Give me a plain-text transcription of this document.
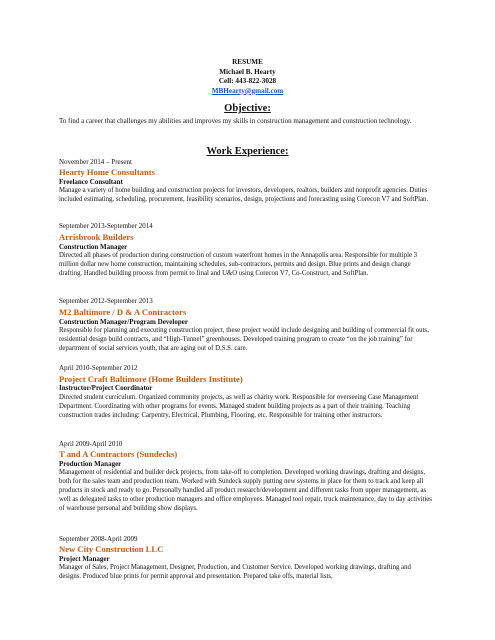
RESUME
Michael B. Hearty
Cell: 443-822-3028
MBHearty@gmail.com
Objective:
To find a career that challenges my abilities and improves my skills in construction management and construction technology.
Work Experience:
November 2014 – Present
Hearty Home Consultants
Freelance Consultant
Manage a variety of home building and construction projects for investors, developers, realtors, builders and nonprofit agencies. Duties included estimating, scheduling, procurement, feasibility scenarios, design, projections and forecasting using Corecon V7 and SoftPlan.
September 2013-September 2014
Arrisbrook Builders
Construction Manager
Directed all phases of production during construction of custom waterfront homes in the Annapolis area. Responsible for multiple 3 million dollar new home construction, maintaining schedules, sub-contractors, permits and design. Blue prints and design change drafting. Handled building process from permit to final and U&O using Corecon V7, Co-Construct, and SoftPlan.
September 2012-September 2013
M2 Baltimore / D & A Contractors
Construction Manager/Program Developer
Responsible for planning and executing construction project, these project would include designing and building of commercial fit outs, residential design build contracts, and “High-Tunnel” greenhouses. Developed training program to create “on the job training” for department of social services youth, that are aging out of D.S.S. care.
April 2010-September 2012
Project Craft Baltimore (Home Builders Institute)
Instructor/Project Coordinator
Directed student curriculum. Organized community projects, as well as charity work. Responsible for overseeing Case Management Department. Coordinating with other programs for events. Managed student building projects as a part of their training. Teaching construction trades including: Carpentry, Electrical, Plumbing, Flooring, etc. Responsible for training other instructors.
April 2009-April 2010
T and A Contractors (Sundecks)
Production Manager
Management of residential and builder deck projects, from take-off to completion. Developed working drawings, drafting and designs, both for the sales team and production team. Worked with Sundeck supply putting new systems in place for them to track and keep all products in stock and ready to go. Personally handled all product research/development and different tasks from upper management, as well as delegated tasks to other production managers and office employees. Managed tool repair, truck maintenance, day to day activities of warehouse personal and building show displays.
September 2008-April 2009
New City Construction LLC
Project Manager
Manager of Sales, Project Management, Designer, Production, and Customer Service. Developed working drawings, drafting and designs. Produced blue prints for permit approval and presentation. Prepared take offs, material lists,
